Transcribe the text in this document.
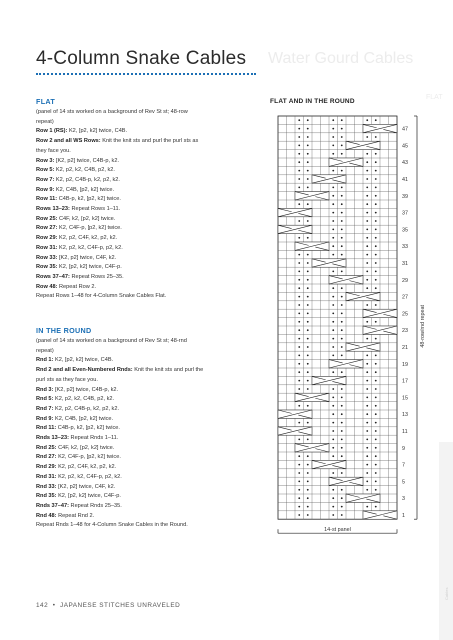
4-Column Snake Cables Water Gourd Cables
FLAT
FLAT
(panel of 14 sts worked on a background of Rev St st; 48-row
repeat)
Row 1 (RS): K2, [p2, k2] twice, C4B.
Row 2 and all WS Rows: Knit the knit sts and purl the purl sts as
they face you.
Row 3: [K2, p2] twice, C4B-p, k2.
Row 5: K2, p2, k2, C4B, p2, k2.
Row 7: K2, p2, C4B-p, k2, p2, k2.
Row 9: K2, C4B, [p2, k2] twice.
Row 11: C4B-p, k2, [p2, k2] twice.
Rows 13–23: Repeat Rows 1–11.
Row 25: C4F, k2, [p2, k2] twice.
Row 27: K2, C4F-p, [p2, k2] twice.
Row 29: K2, p2, C4F, k2, p2, k2.
Row 31: K2, p2, k2, C4F-p, p2, k2.
Row 33: [K2, p2] twice, C4F, k2.
Row 35: K2, [p2, k2] twice, C4F-p.
Rows 37–47: Repeat Rows 25–35.
Row 48: Repeat Row 2.
Repeat Rows 1–48 for 4-Column Snake Cables Flat.
IN THE ROUND
(panel of 14 sts worked on a background of Rev St st; 48-rnd
repeat)
Rnd 1: K2, [p2, k2] twice, C4B.
Rnd 2 and all Even-Numbered Rnds: Knit the knit sts and purl the
purl sts as they face you.
Rnd 3: [K2, p2] twice, C4B-p, k2.
Rnd 5: K2, p2, k2, C4B, p2, k2.
Rnd 7: K2, p2, C4B-p, k2, p2, k2.
Rnd 9: K2, C4B, [p2, k2] twice.
Rnd 11: C4B-p, k2, [p2, k2] twice.
Rnds 13–23: Repeat Rnds 1–11.
Rnd 25: C4F, k2, [p2, k2] twice.
Rnd 27: K2, C4F-p, [p2, k2] twice.
Rnd 29: K2, p2, C4F, k2, p2, k2.
Rnd 31: K2, p2, k2, C4F-p, p2, k2.
Rnd 33: [K2, p2] twice, C4F, k2.
Rnd 35: K2, [p2, k2] twice, C4F-p.
Rnds 37–47: Repeat Rnds 25–35.
Rnd 48: Repeat Rnd 2.
Repeat Rnds 1–48 for 4-Column Snake Cables in the Round.
FLAT AND IN THE ROUND
47
45
43
41
39
37
35
33
31
29
27
25
23
21
19
17
15
13
11
9
7
5
3
1
48-row/rnd repeat
14-st panel
142 • JAPANESE STITCHES UNRAVELED
Cables
